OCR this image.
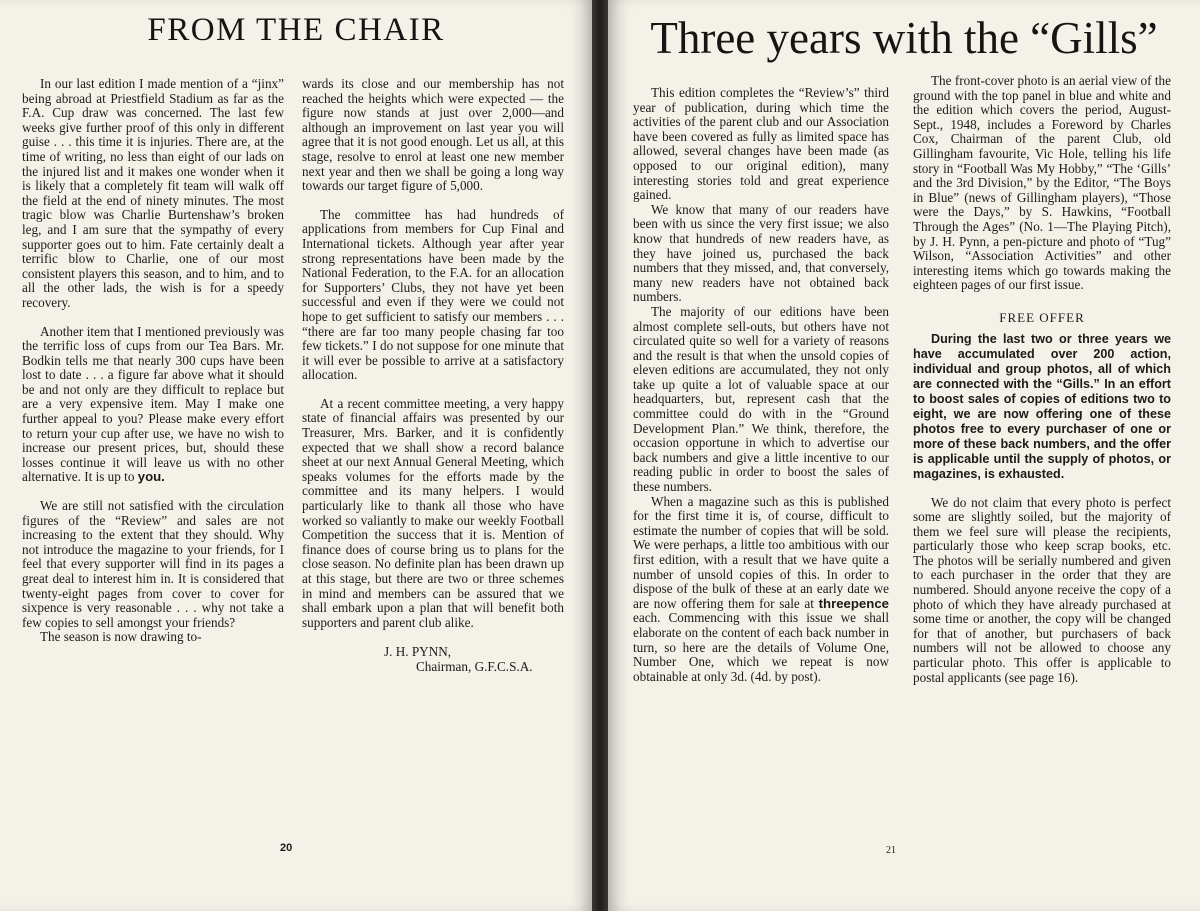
FROM THE CHAIR

In our last edition I made mention of a “jinx” being abroad at Priestfield Stadium as far as the F.A. Cup draw was concerned. The last few weeks give further proof of this only in different guise . . . this time it is injuries. There are, at the time of writing, no less than eight of our lads on the injured list and it makes one wonder when it is likely that a completely fit team will walk off the field at the end of ninety minutes. The most tragic blow was Charlie Burtenshaw’s broken leg, and I am sure that the sympathy of every supporter goes out to him. Fate certainly dealt a terrific blow to Charlie, one of our most consistent players this season, and to him, and to all the other lads, the wish is for a speedy recovery.

Another item that I mentioned previously was the terrific loss of cups from our Tea Bars. Mr. Bodkin tells me that nearly 300 cups have been lost to date . . . a figure far above what it should be and not only are they difficult to replace but are a very expensive item. May I make one further appeal to you? Please make every effort to return your cup after use, we have no wish to increase our present prices, but, should these losses continue it will leave us with no other alternative. It is up to you.

We are still not satisfied with the circulation figures of the “Review” and sales are not increasing to the extent that they should. Why not introduce the magazine to your friends, for I feel that every supporter will find in its pages a great deal to interest him in. It is considered that twenty-eight pages from cover to cover for sixpence is very reasonable . . . why not take a few copies to sell amongst your friends?

The season is now drawing to-

wards its close and our membership has not reached the heights which were expected — the figure now stands at just over 2,000—and although an improvement on last year you will agree that it is not good enough. Let us all, at this stage, resolve to enrol at least one new member next year and then we shall be going a long way towards our target figure of 5,000.

The committee has had hundreds of applications from members for Cup Final and International tickets. Although year after year strong representations have been made by the National Federation, to the F.A. for an allocation for Supporters’ Clubs, they not have yet been successful and even if they were we could not hope to get sufficient to satisfy our members . . . “there are far too many people chasing far too few tickets.” I do not suppose for one minute that it will ever be possible to arrive at a satisfactory allocation.

At a recent committee meeting, a very happy state of financial affairs was presented by our Treasurer, Mrs. Barker, and it is confidently expected that we shall show a record balance sheet at our next Annual General Meeting, which speaks volumes for the efforts made by the committee and its many helpers. I would particularly like to thank all those who have worked so valiantly to make our weekly Football Competition the success that it is. Mention of finance does of course bring us to plans for the close season. No definite plan has been drawn up at this stage, but there are two or three schemes in mind and members can be assured that we shall embark upon a plan that will benefit both supporters and parent club alike.

J. H. PYNN,
Chairman, G.F.C.S.A.
20
Three years with the “Gills”

This edition completes the “Review’s” third year of publication, during which time the activities of the parent club and our Association have been covered as fully as limited space has allowed, several changes have been made (as opposed to our original edition), many interesting stories told and great experience gained.

We know that many of our readers have been with us since the very first issue; we also know that hundreds of new readers have, as they have joined us, purchased the back numbers that they missed, and, that conversely, many new readers have not obtained back numbers.

The majority of our editions have been almost complete sell-outs, but others have not circulated quite so well for a variety of reasons and the result is that when the unsold copies of eleven editions are accumulated, they not only take up quite a lot of valuable space at our headquarters, but, represent cash that the committee could do with in the “Ground Development Plan.” We think, therefore, the occasion opportune in which to advertise our back numbers and give a little incentive to our reading public in order to boost the sales of these numbers.

When a magazine such as this is published for the first time it is, of course, difficult to estimate the number of copies that will be sold. We were perhaps, a little too ambitious with our first edition, with a result that we have quite a number of unsold copies of this. In order to dispose of the bulk of these at an early date we are now offering them for sale at threepence each. Commencing with this issue we shall elaborate on the content of each back number in turn, so here are the details of Volume One, Number One, which we repeat is now obtainable at only 3d. (4d. by post).

The front-cover photo is an aerial view of the ground with the top panel in blue and white and the edition which covers the period, August-Sept., 1948, includes a Foreword by Charles Cox, Chairman of the parent Club, old Gillingham favourite, Vic Hole, telling his life story in “Football Was My Hobby,” “The ‘Gills’ and the 3rd Division,” by the Editor, “The Boys in Blue” (news of Gillingham players), “Those were the Days,” by S. Hawkins, “Football Through the Ages” (No. 1—The Playing Pitch), by J. H. Pynn, a pen-picture and photo of “Tug” Wilson, “Association Activities” and other interesting items which go towards making the eighteen pages of our first issue.

FREE OFFER

During the last two or three years we have accumulated over 200 action, individual and group photos, all of which are connected with the “Gills.” In an effort to boost sales of copies of editions two to eight, we are now offering one of these photos free to every purchaser of one or more of these back numbers, and the offer is applicable until the supply of photos, or magazines, is exhausted.

We do not claim that every photo is perfect some are slightly soiled, but the majority of them we feel sure will please the recipients, particularly those who keep scrap books, etc. The photos will be serially numbered and given to each purchaser in the order that they are numbered. Should anyone receive the copy of a photo of which they have already purchased at some time or another, the copy will be changed for that of another, but purchasers of back numbers will not be allowed to choose any particular photo. This offer is applicable to postal applicants (see page 16).

21
